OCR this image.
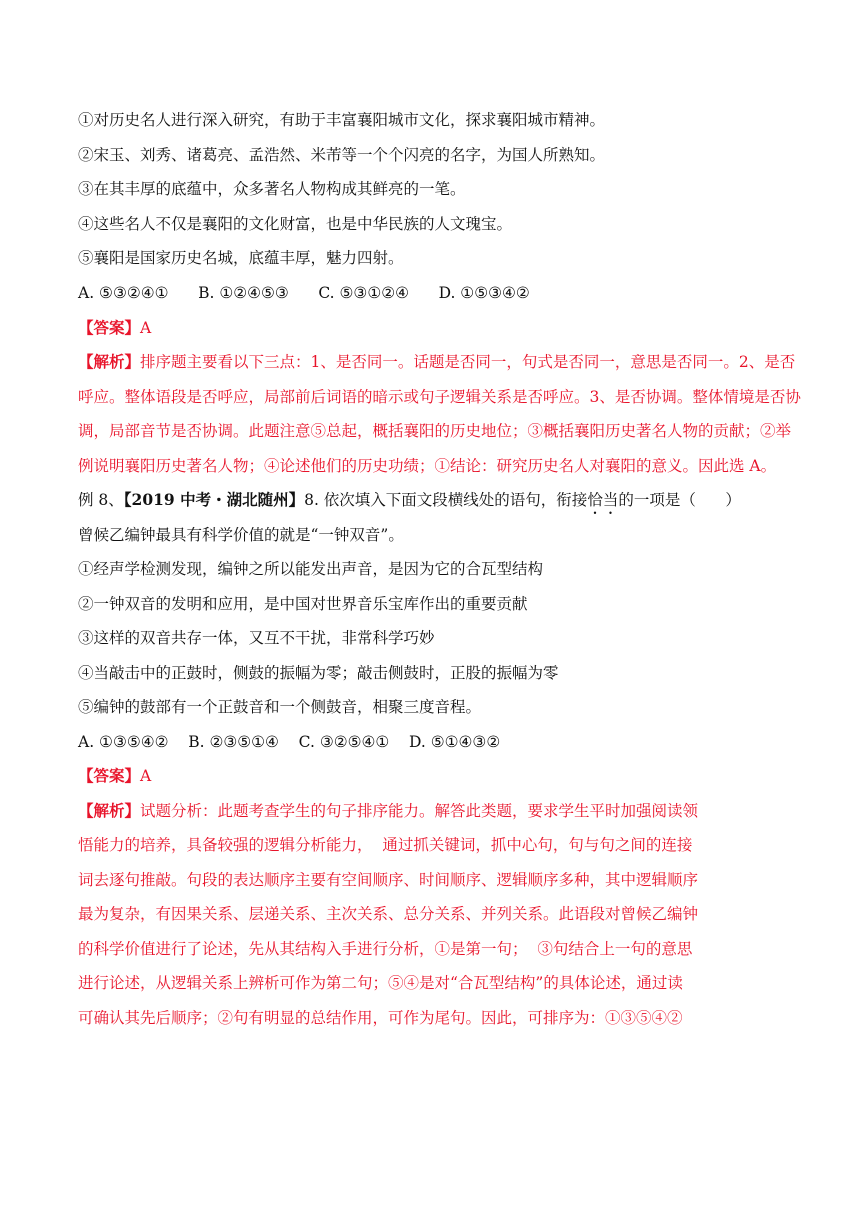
①对历史名人进行深入研究，有助于丰富襄阳城市文化，探求襄阳城市精神。

②宋玉、刘秀、诸葛亮、孟浩然、米芾等一个个闪亮的名字，为国人所熟知。

③在其丰厚的底蕴中，众多著名人物构成其鲜亮的一笔。

④这些名人不仅是襄阳的文化财富，也是中华民族的人文瑰宝。

⑤襄阳是国家历史名城，底蕴丰厚，魅力四射。

A. ⑤③②④①      B. ①②④⑤③      C. ⑤③①②④      D. ①⑤③④②

【答案】A

【解析】排序题主要看以下三点：1、是否同一。话题是否同一，句式是否同一，意思是否同一。2、是否

呼应。整体语段是否呼应，局部前后词语的暗示或句子逻辑关系是否呼应。3、是否协调。整体情境是否协

调，局部音节是否协调。此题注意⑤总起，概括襄阳的历史地位；③概括襄阳历史著名人物的贡献；②举

例说明襄阳历史著名人物；④论述他们的历史功绩；①结论：研究历史名人对襄阳的意义。因此选 A。

例 8、【2019 中考・湖北随州】8. 依次填入下面文段横线处的语句，衔接恰当的一项是（      ）

曾候乙编钟最具有科学价值的就是“一钟双音”。

①经声学检测发现，编钟之所以能发出声音，是因为它的合瓦型结构

②一钟双音的发明和应用，是中国对世界音乐宝库作出的重要贡献

③这样的双音共存一体，又互不干扰，非常科学巧妙

④当敲击中的正鼓时，侧鼓的振幅为零；敲击侧鼓时，正股的振幅为零

⑤编钟的鼓部有一个正鼓音和一个侧鼓音，相聚三度音程。

A. ①③⑤④②    B. ②③⑤①④    C. ③②⑤④①    D. ⑤①④③②

【答案】A

【解析】试题分析：此题考查学生的句子排序能力。解答此类题，要求学生平时加强阅读领

悟能力的培养，具备较强的逻辑分析能力，  通过抓关键词，抓中心句，句与句之间的连接

词去逐句推敲。句段的表达顺序主要有空间顺序、时间顺序、逻辑顺序多种，其中逻辑顺序

最为复杂，有因果关系、层递关系、主次关系、总分关系、并列关系。此语段对曾候乙编钟

的科学价值进行了论述，先从其结构入手进行分析，①是第一句；  ③句结合上一句的意思

进行论述，从逻辑关系上辨析可作为第二句；⑤④是对“合瓦型结构”的具体论述，通过读

可确认其先后顺序；②句有明显的总结作用，可作为尾句。因此，可排序为：①③⑤④②
